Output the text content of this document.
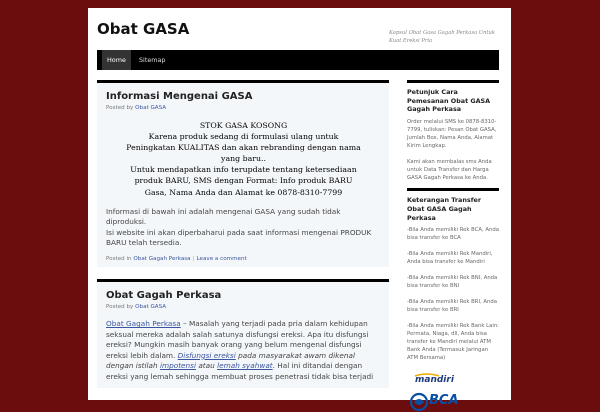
Obat GASA	Kapsul Obat Gasa Gagah Perkasa Untuk Kuat Ereksi Pria
Home	Sitemap
Informasi Mengenai GASA
Posted by Obat GASA
STOK GASA KOSONG
Karena produk sedang di formulasi ulang untuk
Peningkatan KUALITAS dan akan rebranding dengan nama
yang baru..
Untuk mendapatkan info terupdate tentang ketersediaan
produk BARU, SMS dengan Format: Info produk BARU
Gasa, Nama Anda dan Alamat ke 0878-8310-7799
Informasi di bawah ini adalah mengenai GASA yang sudah tidak diproduksi.
Isi website ini akan diperbaharui pada saat informasi mengenai PRODUK BARU telah tersedia.
Posted in Obat Gagah Perkasa | Leave a comment
Obat Gagah Perkasa
Posted by Obat GASA
Obat Gagah Perkasa – Masalah yang terjadi pada pria dalam kehidupan seksual mereka adalah salah satunya disfungsi ereksi. Apa itu disfungsi ereksi? Mungkin masih banyak orang yang belum mengenal disfungsi ereksi lebih dalam. Disfungsi ereksi pada masyarakat awam dikenal dengan istilah impotensi atau lemah syahwat. Hal ini ditandai dengan ereksi yang lemah sehingga membuat proses penetrasi tidak bisa terjadi
Petunjuk Cara Pemesanan Obat GASA Gagah Perkasa

Order melalui SMS ke 0878-8310-7799, tuliskan: Pesan Obat GASA, Jumlah Box, Nama Anda, Alamat Kirim Lengkap.

Kami akan membalas sms Anda untuk Data Transfer dan Harga GASA Gagah Perkasa ke Anda.

Keterangan Transfer Obat GASA Gagah Perkasa

-Bila Anda memiliki Rek BCA, Anda bisa transfer ke BCA

-Bila Anda memiliki Rek Mandiri, Anda bisa transfer ke Mandiri

-Bila Anda memiliki Rek BNI, Anda bisa transfer ke BNI

-Bila Anda memiliki Rek BRI, Anda bisa transfer ke BRI

-Bila Anda memiliki Rek Bank Lain: Permata, Niaga, dll, Anda bisa transfer ke Mandiri melalui ATM Bank Anda (Termasuk Jaringan ATM Bersama)

mandiri
BCA
